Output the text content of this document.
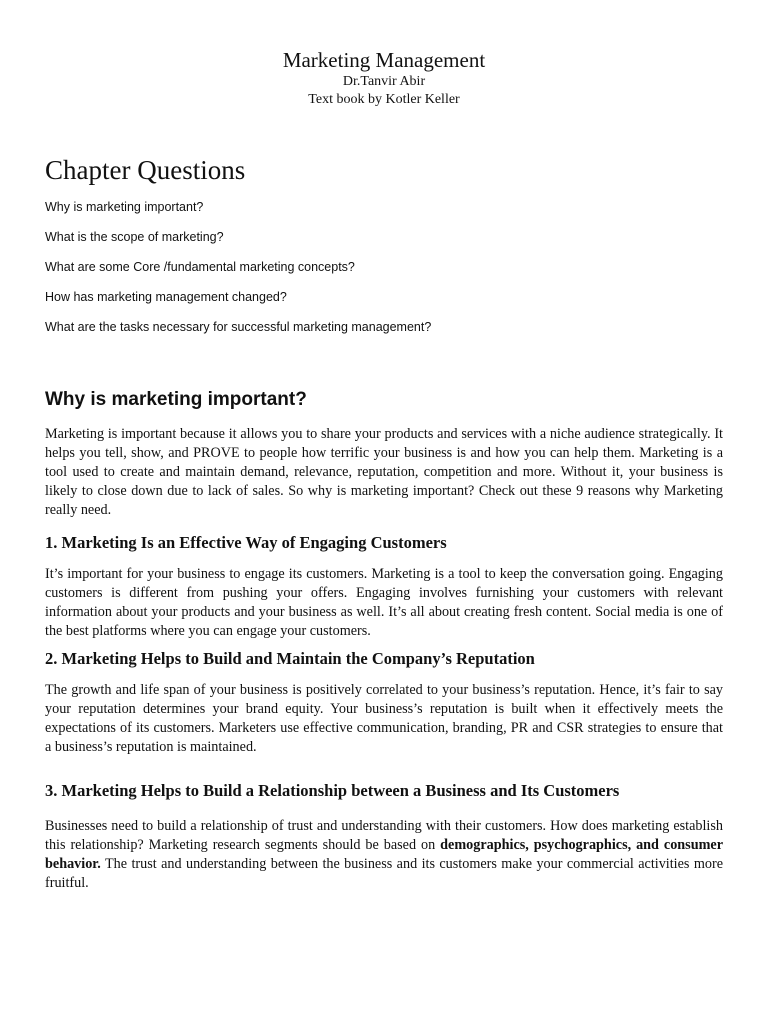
Marketing Management
Dr.Tanvir Abir
Text book by Kotler Keller
Chapter Questions
Why is marketing important?
What is the scope of marketing?
What are some Core /fundamental marketing concepts?
How has marketing management changed?
What are the tasks necessary for successful marketing management?
Why is marketing important?

Marketing is important because it allows you to share your products and services with a niche audience strategically. It helps you tell, show, and PROVE to people how terrific your business is and how you can help them. Marketing is a tool used to create and maintain demand, relevance, reputation, competition and more. Without it, your business is likely to close down due to lack of sales. So why is marketing important? Check out these 9 reasons why Marketing really need.

1. Marketing Is an Effective Way of Engaging Customers

It’s important for your business to engage its customers. Marketing is a tool to keep the conversation going. Engaging customers is different from pushing your offers. Engaging involves furnishing your customers with relevant information about your products and your business as well. It’s all about creating fresh content. Social media is one of the best platforms where you can engage your customers.

2. Marketing Helps to Build and Maintain the Company’s Reputation

The growth and life span of your business is positively correlated to your business’s reputation. Hence, it’s fair to say your reputation determines your brand equity. Your business’s reputation is built when it effectively meets the expectations of its customers. Marketers use effective communication, branding, PR and CSR strategies to ensure that a business’s reputation is maintained.

3. Marketing Helps to Build a Relationship between a Business and Its Customers

Businesses need to build a relationship of trust and understanding with their customers. How does marketing establish this relationship? Marketing research segments should be based on demographics, psychographics, and consumer behavior. The trust and understanding between the business and its customers make your commercial activities more fruitful.
